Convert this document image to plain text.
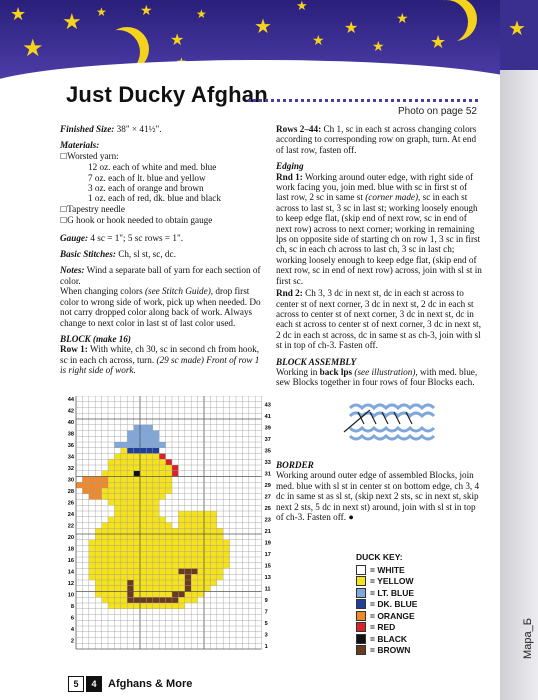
★ ★ ★ ★	★ ★
★
★	★
★	★	★	★	★
★
Мара_Б
Just Ducky Afghan
Photo on page 52

Finished Size: 38" × 41½".

Materials:
☐ Worsted yarn:
12 oz. each of white and med. blue
7 oz. each of lt. blue and yellow
3 oz. each of orange and brown
1 oz. each of red, dk. blue and black
☐ Tapestry needle
☐ G hook or hook needed to obtain gauge

Gauge: 4 sc = 1"; 5 sc rows = 1".

Basic Stitches: Ch, sl st, sc, dc.

Notes: Wind a separate ball of yarn for each section of color.

When changing colors (see Stitch Guide), drop first color to wrong side of work, pick up when needed. Do not carry dropped color along back of work. Always change to next color in last st of last color used.

BLOCK (make 16)

Row 1: With white, ch 30, sc in second ch from hook, sc in each ch across, turn. (29 sc made) Front of row 1 is right side of work.

Rows 2–44: Ch 1, sc in each st across changing colors according to corresponding row on graph, turn. At end of last row, fasten off.

Edging

Rnd 1: Working around outer edge, with right side of work facing you, join med. blue with sc in first st of last row, 2 sc in same st (corner made), sc in each st across to last st, 3 sc in last st; working loosely enough to keep edge flat, (skip end of next row, sc in end of next row) across to next corner; working in remaining lps on opposite side of starting ch on row 1, 3 sc in first ch, sc in each ch across to last ch, 3 sc in last ch; working loosely enough to keep edge flat, (skip end of next row, sc in end of next row) across, join with sl st in first sc.

Rnd 2: Ch 3, 3 dc in next st, dc in each st across to center st of next corner, 3 dc in next st, 2 dc in each st across to center st of next corner, 3 dc in next st, dc in each st across to center st of next corner, 3 dc in next st, 2 dc in each st across, dc in same st as ch-3, join with sl st in top of ch-3. Fasten off.

BLOCK ASSEMBLY

Working in back lps (see illustration), with med. blue, sew Blocks together in four rows of four Blocks each.

BORDER

Working around outer edge of assembled Blocks, join med. blue with sl st in center st on bottom edge, ch 3, 4 dc in same st as sl st, (skip next 2 sts, sc in next st, skip next 2 sts, 5 dc in next st) around, join with sl st in top of ch-3. Fasten off. ●

44
42
40
38
36
34
32
30
28
26
24
22
20
18
16
14
12
10
8
6
4
2
43
41
39
37
35
33
31
29
27
25
23
21
19
17
15
13
11
9
7
5
3
1
DUCK KEY:
= WHITE
= YELLOW
= LT. BLUE
= DK. BLUE
= ORANGE
= RED
= BLACK
= BROWN
5	4	Afghans & More
